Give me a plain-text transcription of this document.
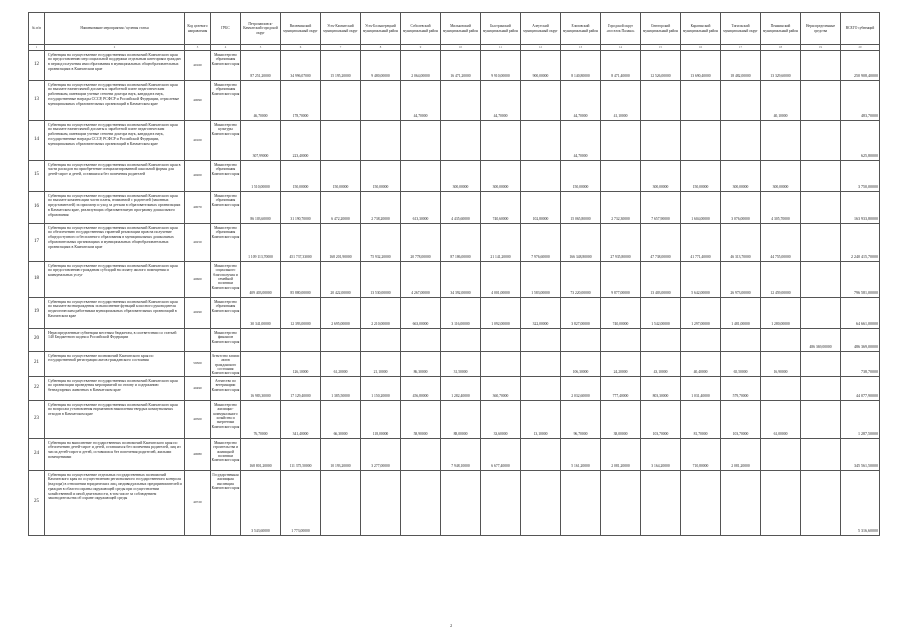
№ п/п	Наименование мероприятия / целевая статья	Код целевого направления	ГРБС	Петропавловск-Камчатский городской округ	Вилючинский муниципальный округ	Усть-Камчатский муниципальный округ	Усть-Большерецкий муниципальный район	Соболевский муниципальный район	Мильковский муниципальный район	Быстринский муниципальный район	Алеутский муниципальный округ	Елизовский муниципальный район	Городской округ «поселок Палана»	Олюторский муниципальный район	Карагинский муниципальный район	Тигильский муниципальный округ	Пенжинский муниципальный район	Нераспределенные средства	ВСЕГО субвенций
1	2	3	4	5	6	7	8	9	10	11	12	13	14	15	16	17	18	19	20
12	Субвенция на осуществление государственных полномочий Камчатского края по предоставлению мер социальной поддержки отдельным категориям граждан в период получения ими образования в муниципальных общеобразовательных организациях в Камчатском крае	40160	Министерство образования Камчатского края	87 251,20000	34 996,07000	15 195,20000	9 480,00000	2 064,00000	16 471,20000	9 910,00000	900,00000	8 140,80000	8 471,40000	12 526,00000	13 690,40000	18 482,00000	13 329,60000		250 908,40000
13	Субвенция на осуществление государственных полномочий Камчатского края по выплате ежемесячной доплаты к заработной плате педагогическим работникам, имеющим ученые степени доктора наук, кандидата наук, государственные награды СССР, РСФСР и Российской Федерации, отраслевые муниципальных образовательных организаций в Камчатском крае	40090	Министерство образования Камчатского края	46,70000	178,70000			44,70000		44,70000		44,70000	41,10000				40,10000		483,70000
14	Субвенция на осуществление государственных полномочий Камчатского края по выплате ежемесячной доплаты к заработной плате педагогическим работникам, имеющим ученые степени доктора наук, кандидата наук, государственные награды СССР, РСФСР и Российской Федерации, муниципальных образовательных организаций в Камчатском крае	40100	Министерство культуры Камчатского края	307,99000	223,40000							44,70000							625,80000
15	Субвенция на осуществление государственных полномочий Камчатского края в части расходов на приобретение специализированной школьной формы для детей-сирот и детей, оставшихся без попечения родителей	40200	Министерство образования Камчатского края	1 510,00000	150,00000	150,00000	150,00000		300,00000	300,00000		150,00000		300,00000	150,00000	300,00000	300,00000		3 750,00000
16	Субвенция на осуществление государственных полномочий Камчатского края по выплате компенсации части платы, взимаемой с родителей (законных представителей) за присмотр и уход за детьми в образовательных организациях в Камчатском крае, реализующих образовательную программу дошкольного образования	40070	Министерство образования Камчатского края	86 103,60000	31 190,70000	6 472,20000	2 738,20000	613,30000	4 435,60000	740,60000	102,80000	15 065,80000	2 732,30000	7 657,90000	1 604,00000	3 076,00000	4 305,70000		163 933,80000
17	Субвенция на осуществление государственных полномочий Камчатского края по обеспечению государственных гарантий реализации прав на получение общедоступного и бесплатного образования в муниципальных дошкольных образовательных организациях и муниципальных общеобразовательных организациях в Камчатском крае	40250	Министерство образования Камчатского края	1 109 113,70000	451 737,33000	168 201,90000	75 932,20000	20 778,00000	87 186,00000	21 141,20000	7 976,60000	166 348,80000	27 935,80000	47 738,00000	41 771,40000	46 313,70000	44 755,00000		2 240 415,70000
18	Субвенция на осуществление государственных полномочий Камчатского края по предоставлению гражданам субсидий на оплату жилого помещения и коммунальных услуг	40600	Министерство социального благополучия и семейной политики Камчатского края	409 403,00000	85 880,00000	20 422,00000	13 530,00000	4 267,00000	34 392,00000	4 001,00000	1 583,00000	73 220,00000	9 877,00000	13 403,00000	5 642,00000	26 973,00000	12 459,00000		796 581,00000
19	Субвенция на осуществление государственных полномочий Камчатского края по выплате вознаграждения за выполнение функций классного руководителя педагогическим работникам муниципальных образовательных организаций в Камчатском крае	40290	Министерство образования Камчатского края	30 341,00000	12 393,00000	2 695,00000	2 210,00000	663,00000	3 116,00000	1 092,00000	322,00000	3 827,00000	740,00000	1 542,00000	1 297,00000	1 481,00000	1 280,00000		64 661,00000
20	Нераспределенные субвенции местным бюджетам, в соответствии со статьей 140 Бюджетного кодекса Российской Федерации		Министерство финансов Камчатского края															486 369,00000	486 369,00000
21	Субвенция на осуществление полномочий Камчатского края по государственной регистрации актов гражданского состояния	59300	Агентство записи актов гражданского состояния Камчатского края		126,10000	61,20000	21,10000	86,30000	31,50000			106,30000	24,20000	43,10000	40,40000	65,50000	16,90000		738,70000
22	Субвенция на осуществление государственных полномочий Камчатского края по организации проведения мероприятий по отлову и содержанию безнадзорных животных в Камчатском крае	40490	Агентство по ветеринарии Камчатского края	16 983,30000	17 129,40000	1 385,50000	1 150,20000	456,80000	1 282,40000	360,70000		2 032,60000	777,40000	803,30000	1 031,40000	579,70000			44 077,90000
23	Субвенция на осуществление государственных полномочий Камчатского края по вопросам установления нормативов накопления твердых коммунальных отходов в Камчатском крае	40500	Министерство жилищно-коммунального хозяйства и энергетики Камчатского края	76,70000	341,40000	66,30000	118,00000	58,90000	88,00000	33,60000	13,10000	96,70000	38,00000	103,70000	81,70000	103,70000	61,00000		1 287,50000
24	Субвенция на выполнение государственных полномочий Камчатского края по обеспечению детей-сирот и детей, оставшихся без попечения родителей, лиц из числа детей-сирот и детей, оставшихся без попечения родителей, жилыми помещениями	40080	Министерство строительства и жилищной политики Камчатского края	168 801,20000	111 375,50000	10 193,20000	3 277,00000		7 948,10000	6 677,40000		5 161,20000	2 081,20000	3 164,20000	710,80000	2 081,20000			345 561,50000
25	Субвенция на осуществление отдельных государственных полномочий Камчатского края по осуществлению регионального государственного контроля (надзора) в отношении юридических лиц, индивидуальных предпринимателей и граждан в области охраны окружающей среды при осуществлении хозяйственной и иной деятельности, в том числе за соблюдением законодательства об охране окружающей среды	40720	Государственная жилищная инспекция Камчатского края	3 543,60000	1 773,00000														5 316,60000
2
